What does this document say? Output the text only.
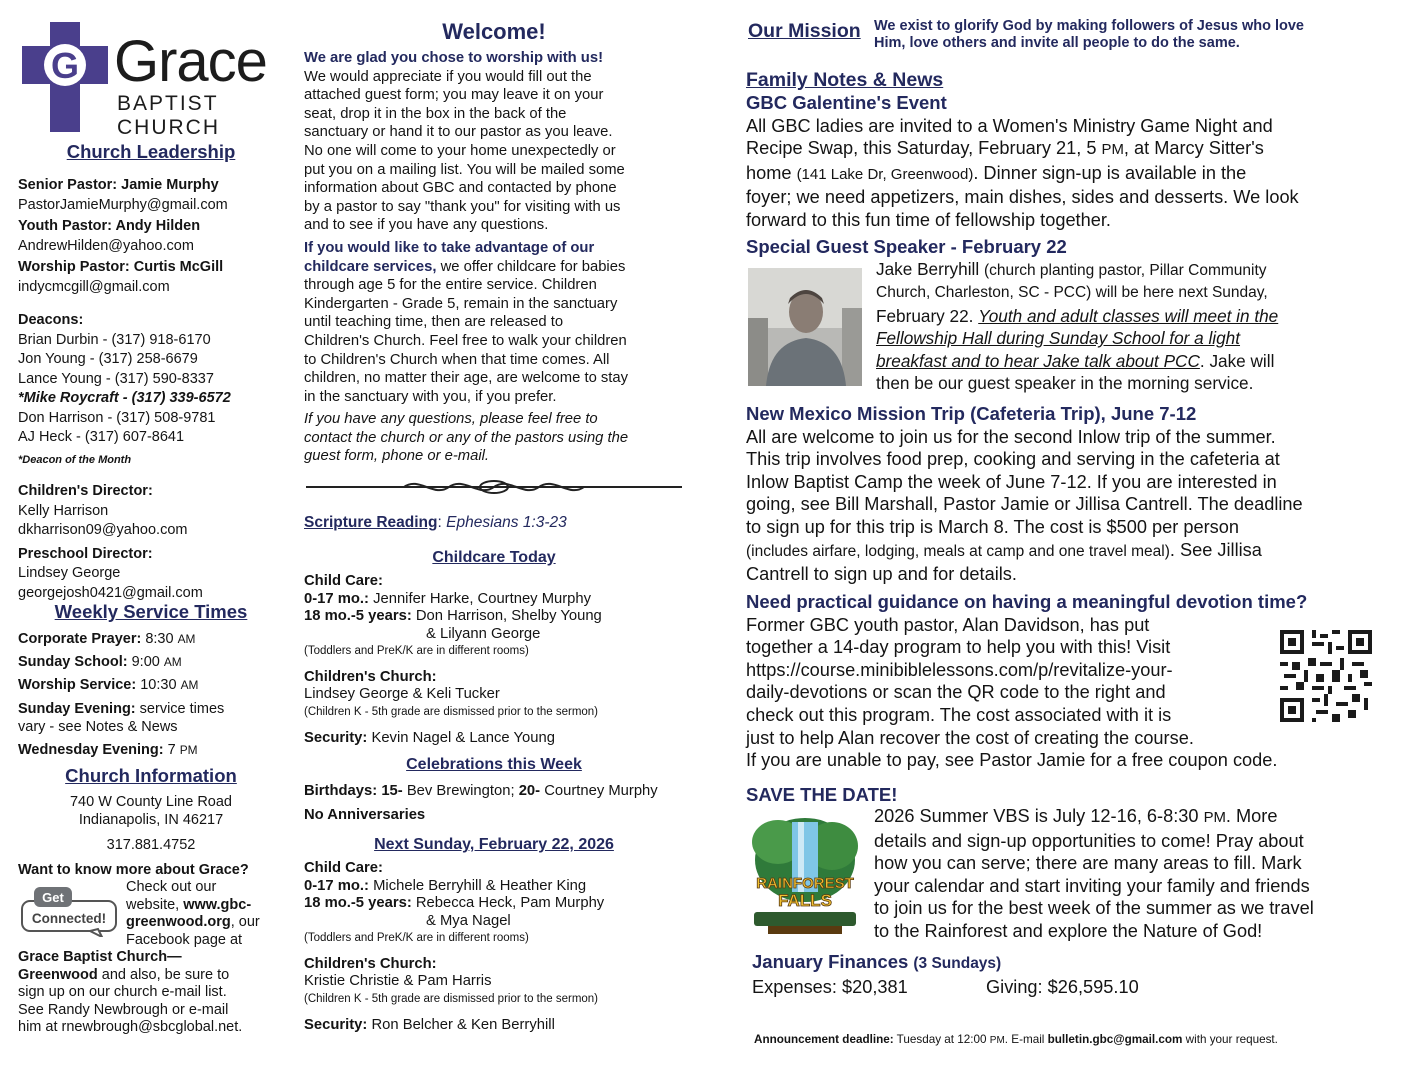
G Grace
BAPTIST CHURCH
Church Leadership
Senior Pastor: Jamie Murphy
PastorJamieMurphy@gmail.com
Youth Pastor: Andy Hilden
AndrewHilden@yahoo.com
Worship Pastor: Curtis McGill
indycmcgill@gmail.com
Deacons:
Brian Durbin - (317) 918-6170
Jon Young - (317) 258-6679
Lance Young - (317) 590-8337
*Mike Roycraft - (317) 339-6572
Don Harrison - (317) 508-9781
AJ Heck - (317) 607-8641
*Deacon of the Month
Children's Director:
Kelly Harrison
dkharrison09@yahoo.com
Preschool Director:
Lindsey George
georgejosh0421@gmail.com
Weekly Service Times
Corporate Prayer: 8:30 AM
Sunday School: 9:00 AM
Worship Service: 10:30 AM
Sunday Evening: service times
vary - see Notes & News
Wednesday Evening: 7 PM
Church Information
740 W County Line Road
Indianapolis, IN 46217
317.881.4752
Want to know more about Grace?
Get
Connected!
Check out our
website, www.gbc-
greenwood.org, our
Facebook page at
Grace Baptist Church—
Greenwood and also, be sure to
sign up on our church e-mail list.
See Randy Newbrough or e-mail
him at rnewbrough@sbcglobal.net.
Welcome!
We are glad you chose to worship with us!
We would appreciate if you would fill out the
attached guest form; you may leave it on your
seat, drop it in the box in the back of the
sanctuary or hand it to our pastor as you leave.
No one will come to your home unexpectedly or
put you on a mailing list. You will be mailed some
information about GBC and contacted by phone
by a pastor to say "thank you" for visiting with us
and to see if you have any questions.
If you would like to take advantage of our
childcare services, we offer childcare for babies
through age 5 for the entire service. Children
Kindergarten - Grade 5, remain in the sanctuary
until teaching time, then are released to
Children's Church. Feel free to walk your children
to Children's Church when that time comes. All
children, no matter their age, are welcome to stay
in the sanctuary with you, if you prefer.
If you have any questions, please feel free to
contact the church or any of the pastors using the
guest form, phone or e-mail.
Scripture Reading: Ephesians 1:3-23
Childcare Today
Child Care:
0-17 mo.: Jennifer Harke, Courtney Murphy
18 mo.-5 years: Don Harrison, Shelby Young
& Lilyann George
(Toddlers and PreK/K are in different rooms)
Children's Church:
Lindsey George & Keli Tucker
(Children K - 5th grade are dismissed prior to the sermon)
Security: Kevin Nagel & Lance Young
Celebrations this Week
Birthdays: 15- Bev Brewington; 20- Courtney Murphy
No Anniversaries
Next Sunday, February 22, 2026
Child Care:
0-17 mo.: Michele Berryhill & Heather King
18 mo.-5 years: Rebecca Heck, Pam Murphy
& Mya Nagel
(Toddlers and PreK/K are in different rooms)
Children's Church:
Kristie Christie & Pam Harris
(Children K - 5th grade are dismissed prior to the sermon)
Security: Ron Belcher & Ken Berryhill
Our Mission We exist to glorify God by making followers of Jesus who love
Him, love others and invite all people to do the same.
Family Notes & News
GBC Galentine's Event
All GBC ladies are invited to a Women's Ministry Game Night and
Recipe Swap, this Saturday, February 21, 5 PM, at Marcy Sitter's
home (141 Lake Dr, Greenwood). Dinner sign-up is available in the
foyer; we need appetizers, main dishes, sides and desserts. We look
forward to this fun time of fellowship together.
Special Guest Speaker - February 22
Jake Berryhill (church planting pastor, Pillar Community
Church, Charleston, SC - PCC) will be here next Sunday,
February 22. Youth and adult classes will meet in the
Fellowship Hall during Sunday School for a light
breakfast and to hear Jake talk about PCC. Jake will
then be our guest speaker in the morning service.
New Mexico Mission Trip (Cafeteria Trip), June 7-12
All are welcome to join us for the second Inlow trip of the summer.
This trip involves food prep, cooking and serving in the cafeteria at
Inlow Baptist Camp the week of June 7-12. If you are interested in
going, see Bill Marshall, Pastor Jamie or Jillisa Cantrell. The deadline
to sign up for this trip is March 8. The cost is $500 per person
(includes airfare, lodging, meals at camp and one travel meal). See Jillisa
Cantrell to sign up and for details.
Need practical guidance on having a meaningful devotion time?
Former GBC youth pastor, Alan Davidson, has put
together a 14-day program to help you with this! Visit
https://course.minibiblelessons.com/p/revitalize-your-
daily-devotions or scan the QR code to the right and
check out this program. The cost associated with it is
just to help Alan recover the cost of creating the course.
If you are unable to pay, see Pastor Jamie for a free coupon code.
SAVE THE DATE!
RAINFOREST
FALLS
2026 Summer VBS is July 12-16, 6-8:30 PM. More
details and sign-up opportunities to come! Pray about
how you can serve; there are many areas to fill. Mark
your calendar and start inviting your family and friends
to join us for the best week of the summer as we travel
to the Rainforest and explore the Nature of God!
January Finances (3 Sundays)
Expenses: $20,381	Giving: $26,595.10
Announcement deadline: Tuesday at 12:00 PM. E-mail bulletin.gbc@gmail.com with your request.
